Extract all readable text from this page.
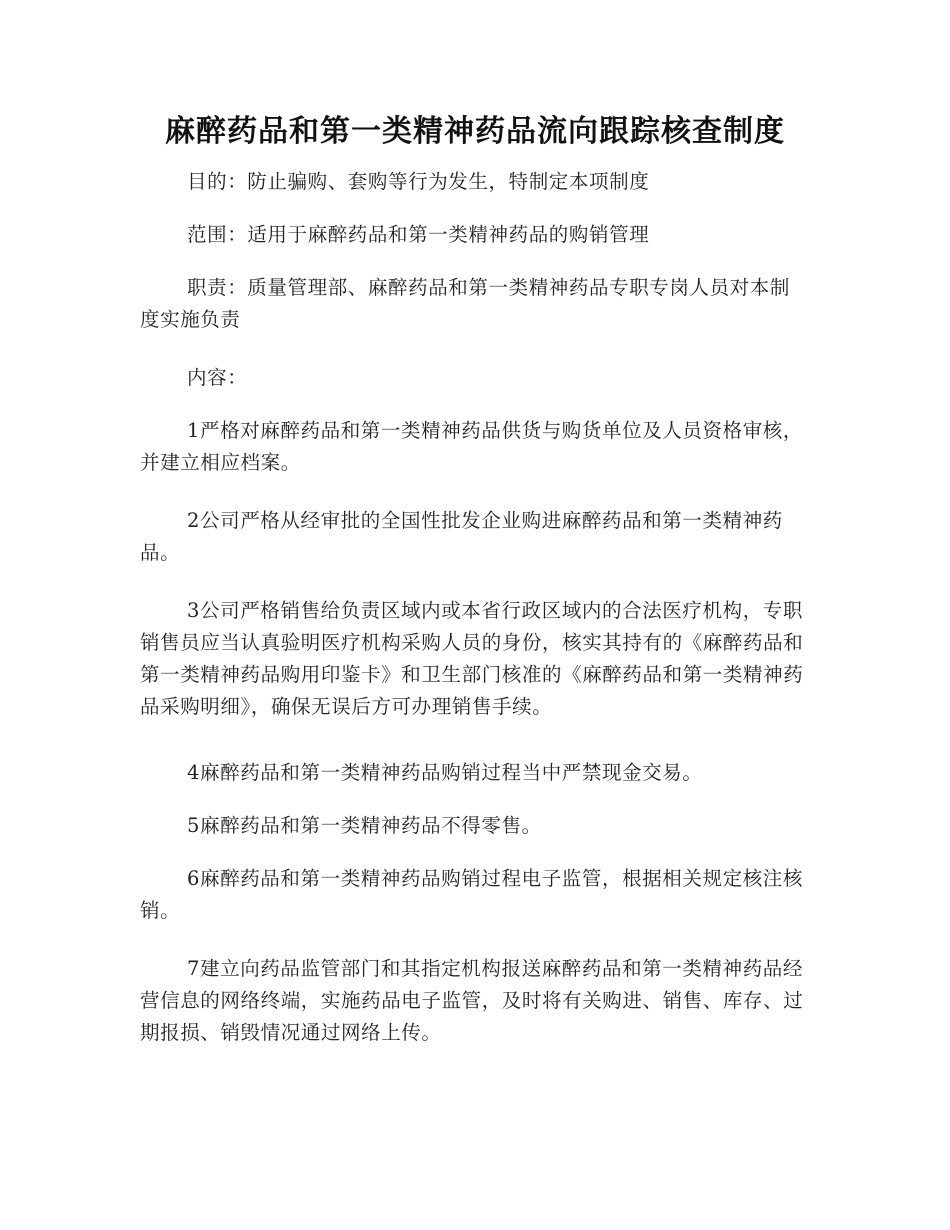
麻醉药品和第一类精神药品流向跟踪核查制度

目的：防止骗购、套购等行为发生，特制定本项制度

范围：适用于麻醉药品和第一类精神药品的购销管理

职责：质量管理部、麻醉药品和第一类精神药品专职专岗人员对本制度实施负责

内容：

1严格对麻醉药品和第一类精神药品供货与购货单位及人员资格审核，并建立相应档案。

2公司严格从经审批的全国性批发企业购进麻醉药品和第一类精神药品。

3公司严格销售给负责区域内或本省行政区域内的合法医疗机构，专职销售员应当认真验明医疗机构采购人员的身份，核实其持有的《麻醉药品和第一类精神药品购用印鉴卡》和卫生部门核准的《麻醉药品和第一类精神药品采购明细》，确保无误后方可办理销售手续。

4麻醉药品和第一类精神药品购销过程当中严禁现金交易。

5麻醉药品和第一类精神药品不得零售。

6麻醉药品和第一类精神药品购销过程电子监管，根据相关规定核注核销。

7建立向药品监管部门和其指定机构报送麻醉药品和第一类精神药品经营信息的网络终端，实施药品电子监管，及时将有关购进、销售、库存、过期报损、销毁情况通过网络上传。
